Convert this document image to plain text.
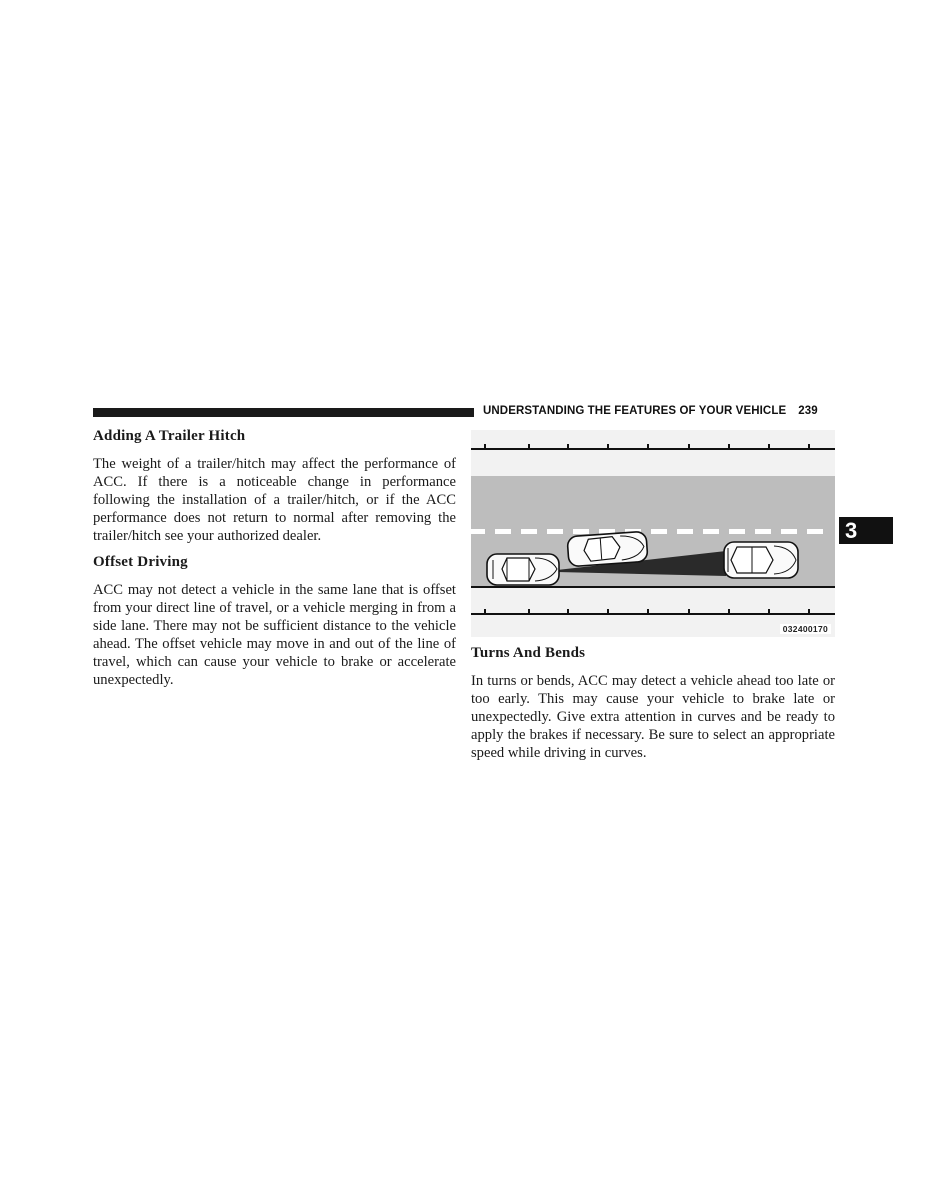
UNDERSTANDING THE FEATURES OF YOUR VEHICLE 239
3
Adding A Trailer Hitch

The weight of a trailer/hitch may affect the performance of ACC. If there is a noticeable change in performance following the installation of a trailer/hitch, or if the ACC performance does not return to normal after removing the trailer/hitch see your authorized dealer.

Offset Driving

ACC may not detect a vehicle in the same lane that is offset from your direct line of travel, or a vehicle merging in from a side lane. There may not be sufficient distance to the vehicle ahead. The offset vehicle may move in and out of the line of travel, which can cause your vehicle to brake or accelerate unexpectedly.

032400170
Turns And Bends

In turns or bends, ACC may detect a vehicle ahead too late or too early. This may cause your vehicle to brake late or unexpectedly. Give extra attention in curves and be ready to apply the brakes if necessary. Be sure to select an appropriate speed while driving in curves.
